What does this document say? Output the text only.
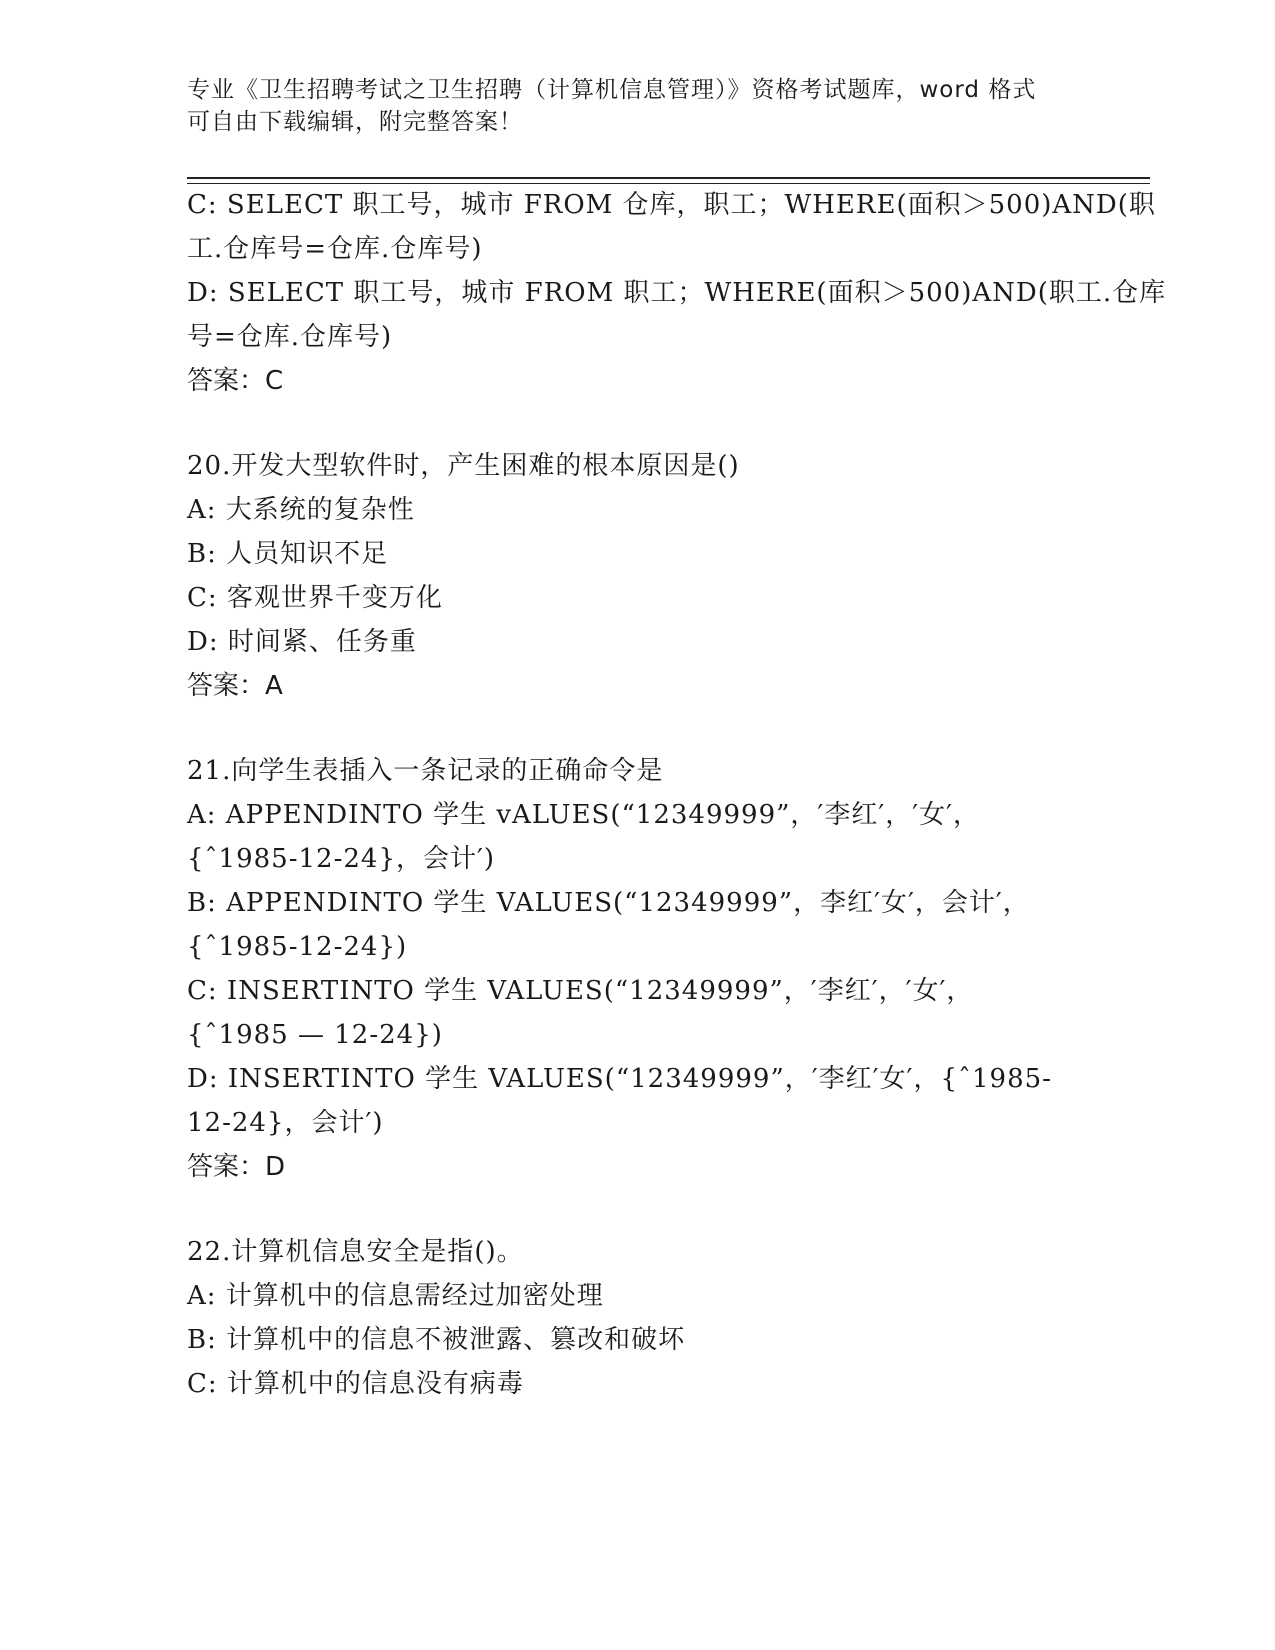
专业《卫生招聘考试之卫生招聘（计算机信息管理）》资格考试题库，word 格式
可自由下载编辑，附完整答案！
C: SELECT 职工号，城市 FROM 仓库，职工；WHERE(面积＞500)AND(职
工.仓库号=仓库.仓库号)
D: SELECT 职工号，城市 FROM 职工；WHERE(面积＞500)AND(职工.仓库
号=仓库.仓库号)
答案：C
20.开发大型软件时，产生困难的根本原因是()
A: 大系统的复杂性
B: 人员知识不足
C: 客观世界千变万化
D: 时间紧、任务重
答案：A
21.向学生表插入一条记录的正确命令是
A: APPENDINTO 学生 vALUES(“12349999”，′李红′，′女′，
{ˆ1985-12-24}，会计′)
B: APPENDINTO 学生 VALUES(“12349999”，李红′女′，会计′，
{ˆ1985-12-24})
C: INSERTINTO 学生 VALUES(“12349999”，′李红′，′女′，
{ˆ1985 — 12-24})
D: INSERTINTO 学生 VALUES(“12349999”，′李红′女′，{ˆ1985-
12-24}，会计′)
答案：D
22.计算机信息安全是指()。
A: 计算机中的信息需经过加密处理
B: 计算机中的信息不被泄露、篡改和破坏
C: 计算机中的信息没有病毒
